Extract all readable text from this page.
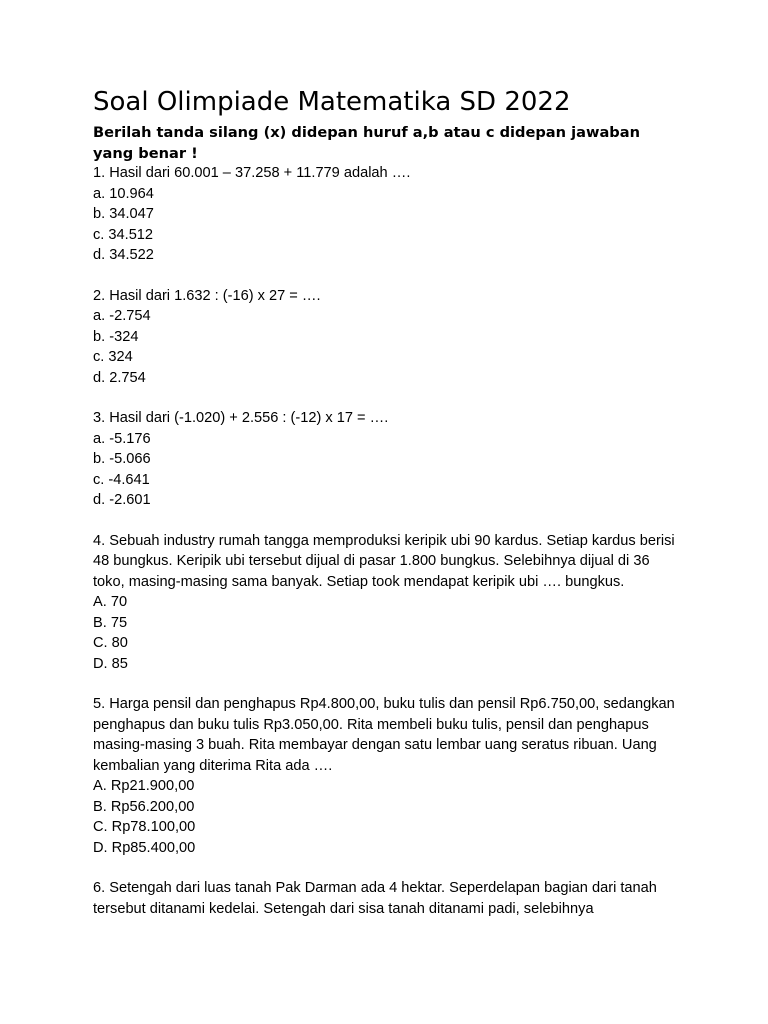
Soal Olimpiade Matematika SD 2022

Berilah tanda silang (x) didepan huruf a,b atau c didepan jawaban yang benar !

1. Hasil dari 60.001 – 37.258 + 11.779 adalah ….

a. 10.964

b. 34.047

c. 34.512

d. 34.522

2. Hasil dari 1.632 : (-16) x 27 = ….

a. -2.754

b. -324

c. 324

d. 2.754

3. Hasil dari (-1.020) + 2.556 : (-12) x 17 = ….

a. -5.176

b. -5.066

c. -4.641

d. -2.601

4. Sebuah industry rumah tangga memproduksi keripik ubi 90 kardus. Setiap kardus berisi 48 bungkus. Keripik ubi tersebut dijual di pasar 1.800 bungkus. Selebihnya dijual di 36 toko, masing-masing sama banyak. Setiap took mendapat keripik ubi …. bungkus.

A. 70

B. 75

C. 80

D. 85

5. Harga pensil dan penghapus Rp4.800,00, buku tulis dan pensil Rp6.750,00, sedangkan penghapus dan buku tulis Rp3.050,00. Rita membeli buku tulis, pensil dan penghapus masing-masing 3 buah. Rita membayar dengan satu lembar uang seratus ribuan. Uang kembalian yang diterima Rita ada ….

A. Rp21.900,00

B. Rp56.200,00

C. Rp78.100,00

D. Rp85.400,00

6. Setengah dari luas tanah Pak Darman ada 4 hektar. Seperdelapan bagian dari tanah tersebut ditanami kedelai. Setengah dari sisa tanah ditanami padi, selebihnya
